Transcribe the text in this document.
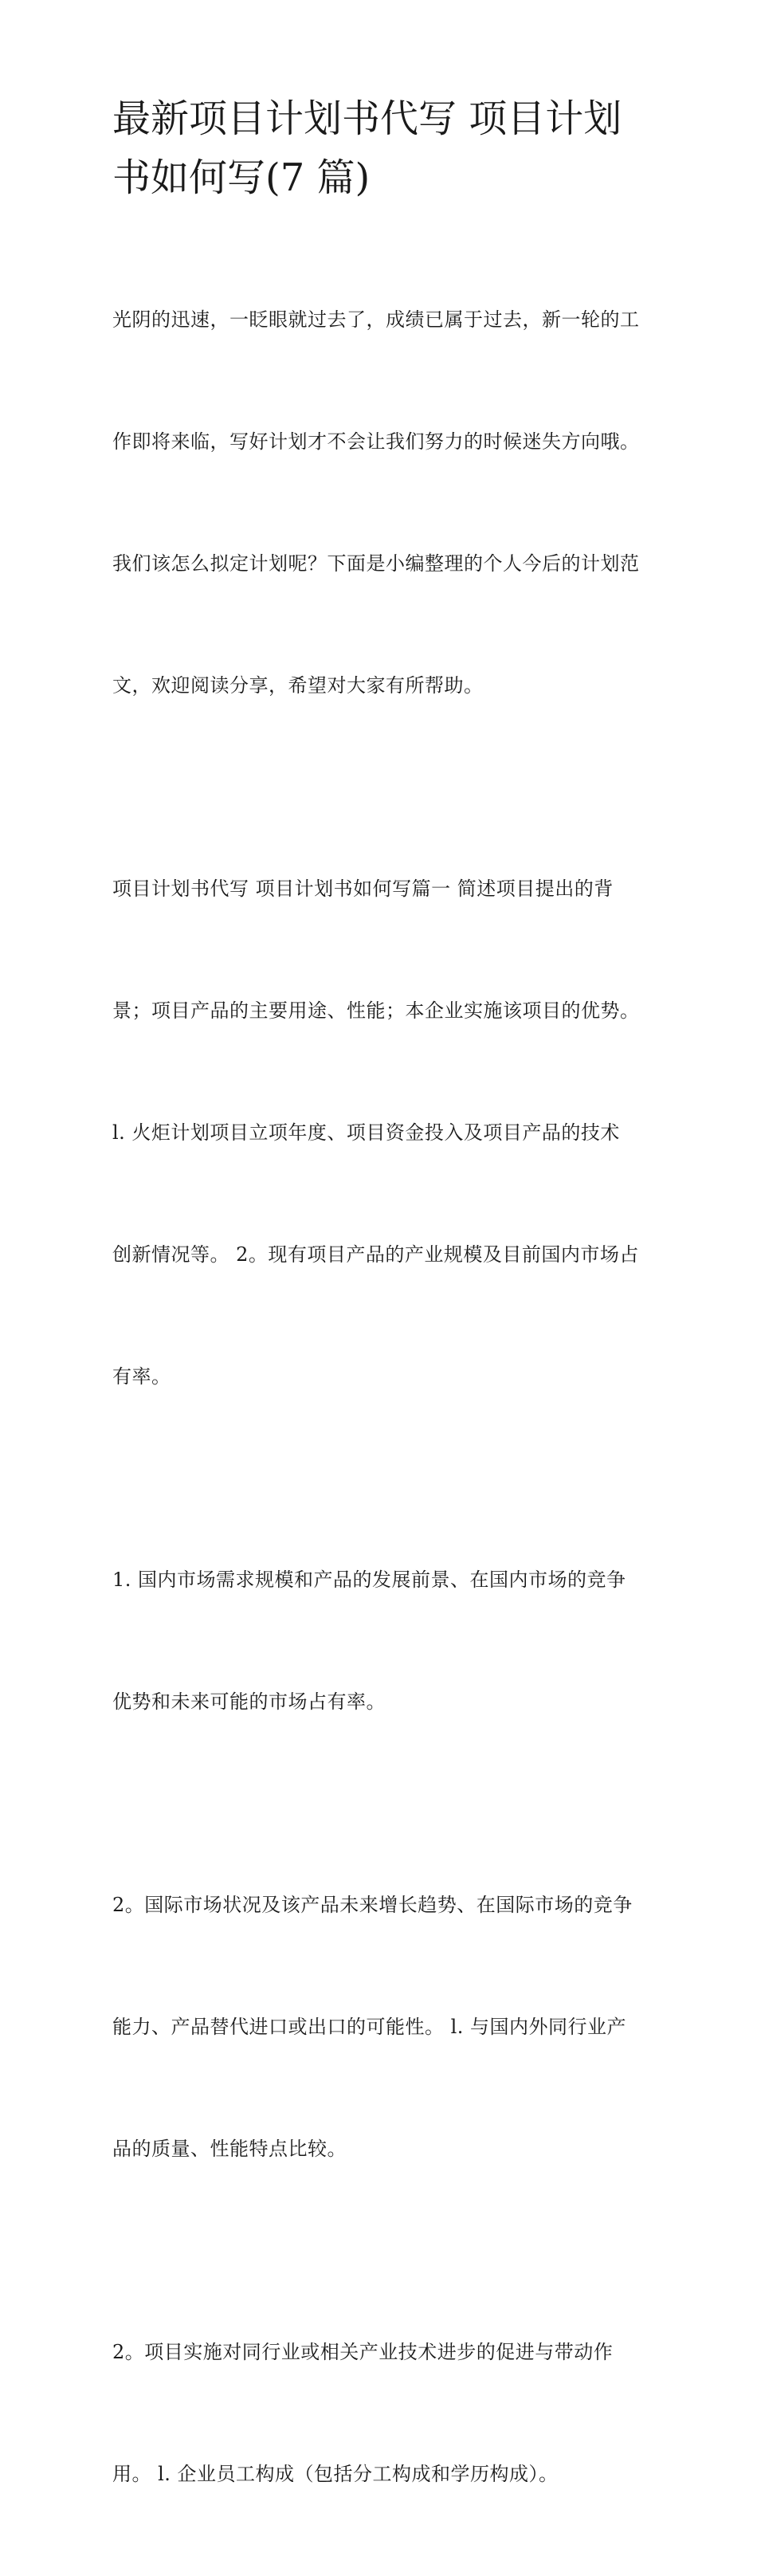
最新项目计划书代写 项目计划
书如何写(7 篇)

光阴的迅速，一眨眼就过去了，成绩已属于过去，新一轮的工

作即将来临，写好计划才不会让我们努力的时候迷失方向哦。

我们该怎么拟定计划呢？下面是小编整理的个人今后的计划范

文，欢迎阅读分享，希望对大家有所帮助。

项目计划书代写 项目计划书如何写篇一 简述项目提出的背

景；项目产品的主要用途、性能；本企业实施该项目的优势。

l. 火炬计划项目立项年度、项目资金投入及项目产品的技术

创新情况等。 2。现有项目产品的产业规模及目前国内市场占

有率。

1. 国内市场需求规模和产品的发展前景、在国内市场的竞争

优势和未来可能的市场占有率。

2。国际市场状况及该产品未来增长趋势、在国际市场的竞争

能力、产品替代进口或出口的可能性。 l. 与国内外同行业产

品的质量、性能特点比较。

2。项目实施对同行业或相关产业技术进步的促进与带动作

用。 l. 企业员工构成（包括分工构成和学历构成）。
